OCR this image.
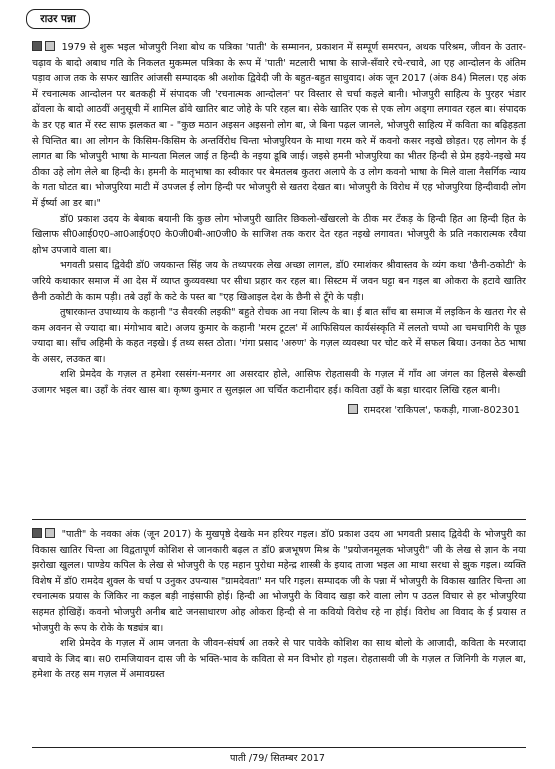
राउर पन्ना

1979 से शुरू भइल भोजपुरी निशा बोध क पत्रिका 'पाती' के सम्मानन, प्रकाशन में सम्पूर्ण समरपन, अथक परिश्रम, जीवन के उतार-चढ़ाव के बादो अबाध गति के निकलत मुकम्मल पत्रिका के रूप में 'पाती' मटलारी भाषा के साजे-सँवारे रचे-रचावे, आ एह आन्दोलन के अंतिम पड़ाव आज तक के सफर खातिर आंजसी सम्पादक श्री अशोक द्विवेदी जी के बहुत-बहुत साधुवाद। अंक जून 2017 (अंक 84) मिलल। एह अंक में रचनात्मक आन्दोलन पर बतकही में संपादक जी 'रचनात्मक आन्दोलन' पर विस्तार से चर्चा कइले बानी। भोजपुरी साहित्य के पुरहर भंडार ढोंवला के बादो आठवीं अनुसूची में शामिल ढोंवे खातिर बाट जोहे के परि रहल बा। सेके खातिर एक से एक लोग अड्गा लगावत रहल बा। संपादक के डर एह बात में रस्ट साफ झलकत बा - "कुछ मठान अइसन अइसनो लोग बा, जे बिना पढ़ल जानले, भोजपुरी साहित्य में कविता का बढ़िहड़ता से चिन्तित बा। आ लोगन के किसिम-किसिम के अन्तर्विरोध चिन्ता भोजपुरियन के माथा गरम करे में कवनो कसर नइखे छोड़त। एह लोगन के ई लागत बा कि भोजपुरी भाषा के मान्यता मिलल जाई त हिन्दी के नइया डूबि जाई। जइसे हमनी भोजपुरिया का भीतर हिन्दी से प्रेम हइये-नइखे मय ठीका उहे लोग लेले बा हिन्दी के। हमनी के मातृभाषा का स्वीकार पर बेमतलब कुतरा अलापे के उ लोग कवनो भाषा के मिले वाला नैसर्गिक न्याय के गता घोटत बा। भोजपुरिया माटी में उपजल ई लोग हिन्दी पर भोजपुरी से खतरा देखत बा। भोजपुरी के विरोध में एह भोजपुरिया हिन्दीवादी लोग में ईर्ष्या आ डर बा।"

डॉ0 प्रकाश उदय के बेबाक बयानी कि कुछ लोग भोजपुरी खातिर छिकलो-खँखरलो के ठीक मर टँकड़ के हिन्दी हित आ हिन्दी हित के खिलाफ सी0आई0ए0-आ0आई0ए0 के0जी0बी-आ0जी0 के साजिश तक करार देत रहत नइखे लगावत। भोजपुरी के प्रति नकारात्मक रवैया क्षोभ उपजावे वाला बा।

भगवती प्रसाद द्विवेदी डॉ0 जयकान्त सिंह जय के तथ्यपरक लेख अच्छा लागल, डॉ0 रमाशंकर श्रीवास्तव के व्यंग कथा 'छैनी-ठकोटी' के जरिये कथाकार समाज में आ देस में व्याप्त कुव्यवस्था पर सीधा प्रहार कर रहल बा। सिस्टम में जवन घट्टा बन गइल बा ओकरा के हटावे खातिर छैनी ठकोटी के काम पड़ी। तबे उहाँ के कटे के पस्त बा "एह खिआइल देश के छैनी से टूँगे के पड़ी।

तुषारकान्त उपाध्याय के कहानी "उ सैवरकी लइकी" बहुते रोचक आ नया शिल्प के बा। ई बात साँच बा समाज में लइकिन के खतरा गेर से कम अवनन से ज्यादा बा। मंगोभाव बाटे। अजय कुमार के कहानी 'मरम टूटल' में आफिसियल कार्यसंस्कृति में ललतो चप्पो आ चमचागिरी के पूछ ज्यादा बा। साँच अहिमी के कहत नइखे। ई तथ्य सस्त ठोता। 'गंगा प्रसाद 'अरुण' के गज़ल व्यवस्था पर चोट करे में सफल बिया। उनका ठेठ भाषा के असर, लउकत बा।

शशि प्रेमदेव के गज़ल त हमेशा रससंग-मनगर आ असरदार होले, आसिफ रोहतासवी के गज़ल में गाँव आ जंगल का हिलसे बेरूखी उजागर भइल बा। उहाँ के तंवर खास बा। कृष्ण कुमार त सुलझल आ चर्चित कटानीदार हई। कविता उहाँ के बड़ा धारदार लिखि रहल बानी।

रामदरश 'राकिपल', फकड़ी, गाजा-802301

"पाती" के नवका अंक (जून 2017) के मुखपृष्ठे देखके मन हरियर गइल। डॉ0 प्रकाश उदय आ भगवती प्रसाद द्विवेदी के भोजपुरी का विकास खातिर चिन्ता आ विद्वतापूर्ण कोशिश से जानकारी बढ़ल त डॉ0 ब्रजभूषण मिश्र के "प्रयोजनमूलक भोजपुरी" जी के लेख से ज्ञान के नया झरोखा खुलल। पाण्डेय कपिल के लेख से भोजपुरी के एह महान पुरोधा महेन्द्र शास्त्री के इयाद ताजा भइल आ माथा सरधा से झुक गइल। व्यक्ति विशेष में डॉ0 रामदेव शुक्ल के चर्चा प उनुकर उपन्यास "ग्रामदेवता" मन परि गइल। सम्पादक जी के पन्ना में भोजपुरी के विकास खातिर चिन्ता आ रचनात्मक प्रयास के जिकिर ना कइल बड़ी नाइंसाफी होई। हिन्दी आ भोजपुरी के विवाद खड़ा करे वाला लोग प उठल विचार से हर भोजपुरिया सहमत होखिहें। कवनो भोजपुरी अनीब बाटे जनसाधारण ओह ओकरा हिन्दी से ना कवियो विरोध रहे ना होई। विरोध आ विवाद के ई प्रयास त भोजपुरी के रूप के रोके के षड्यंत्र बा।

शशि प्रेमदेव के गज़ल में आम जनता के जीवन-संघर्ष आ तकरे से पार पावेके कोशिश का साथ बोलो के आजादी, कविता के मरजादा बचावे के जिद बा। स0 रामजियावन दास जी के भक्ति-भाव के कविता से मन विभोर हो गइल। रोहतासवी जी के गज़ल त जिनिगी के गज़ल बा, हमेशा के तरह सम गज़ल में अमावग्रस्त

पाती /79/ सितम्बर 2017
